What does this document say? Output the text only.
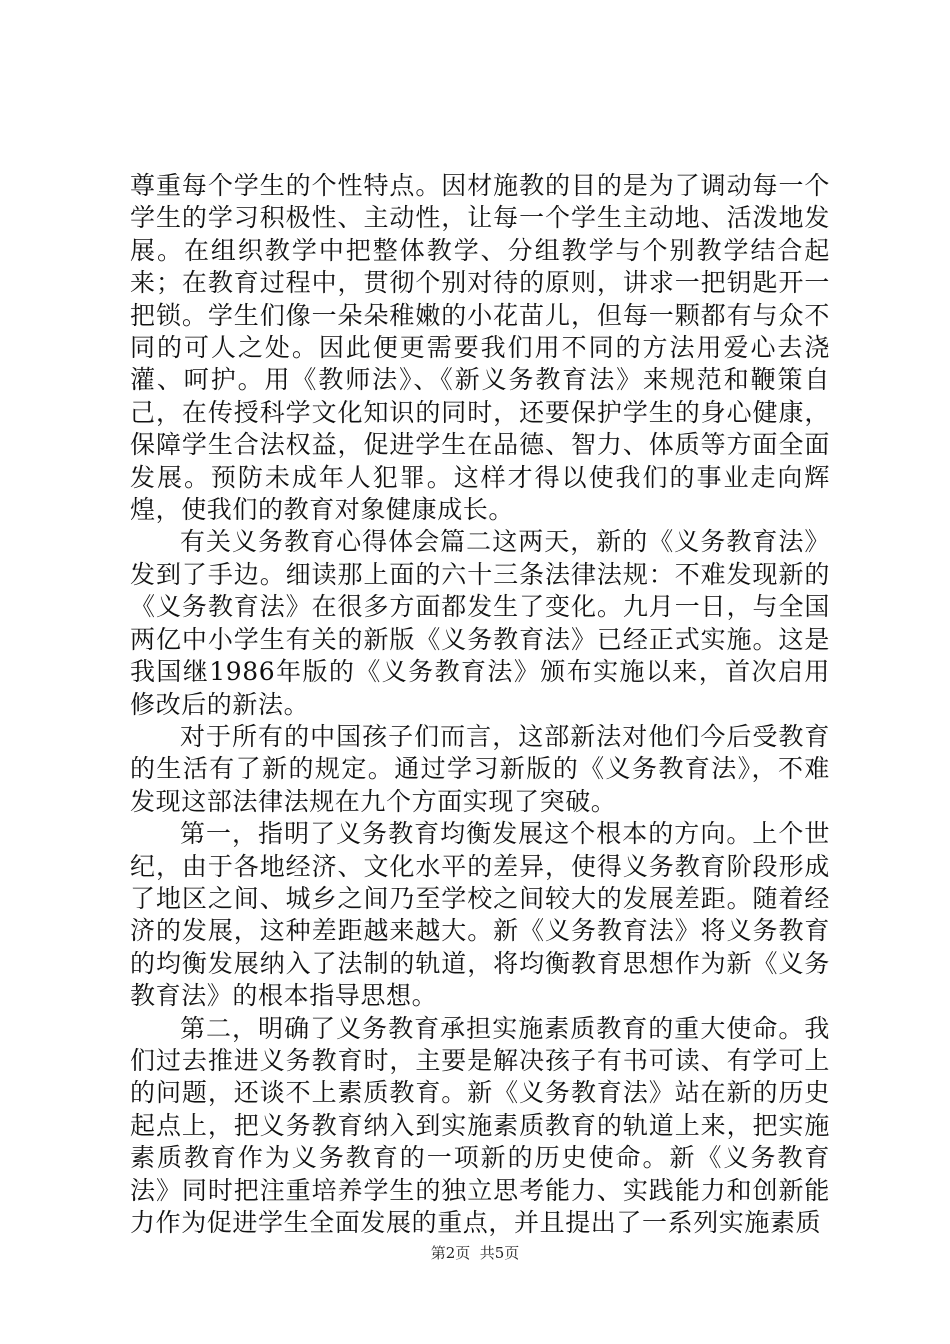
尊重每个学生的个性特点。因材施教的目的是为了调动每一个学生的学习积极性、主动性，让每一个学生主动地、活泼地发展。在组织教学中把整体教学、分组教学与个别教学结合起来；在教育过程中，贯彻个别对待的原则，讲求一把钥匙开一把锁。学生们像一朵朵稚嫩的小花苗儿，但每一颗都有与众不同的可人之处。因此便更需要我们用不同的方法用爱心去浇灌、呵护。用《教师法》、《新义务教育法》来规范和鞭策自己，在传授科学文化知识的同时，还要保护学生的身心健康，保障学生合法权益，促进学生在品德、智力、体质等方面全面发展。预防未成年人犯罪。这样才得以使我们的事业走向辉煌，使我们的教育对象健康成长。

有关义务教育心得体会篇二这两天，新的《义务教育法》发到了手边。细读那上面的六十三条法律法规：不难发现新的《义务教育法》在很多方面都发生了变化。九月一日，与全国两亿中小学生有关的新版《义务教育法》已经正式实施。这是我国继1986年版的《义务教育法》颁布实施以来，首次启用修改后的新法。

对于所有的中国孩子们而言，这部新法对他们今后受教育的生活有了新的规定。通过学习新版的《义务教育法》，不难发现这部法律法规在九个方面实现了突破。

第一，指明了义务教育均衡发展这个根本的方向。上个世纪，由于各地经济、文化水平的差异，使得义务教育阶段形成了地区之间、城乡之间乃至学校之间较大的发展差距。随着经济的发展，这种差距越来越大。新《义务教育法》将义务教育的均衡发展纳入了法制的轨道，将均衡教育思想作为新《义务教育法》的根本指导思想。

第二，明确了义务教育承担实施素质教育的重大使命。我们过去推进义务教育时，主要是解决孩子有书可读、有学可上的问题，还谈不上素质教育。新《义务教育法》站在新的历史起点上，把义务教育纳入到实施素质教育的轨道上来，把实施素质教育作为义务教育的一项新的历史使命。新《义务教育法》同时把注重培养学生的独立思考能力、实践能力和创新能力作为促进学生全面发展的重点，并且提出了一系列实施素质

第2页  共5页
